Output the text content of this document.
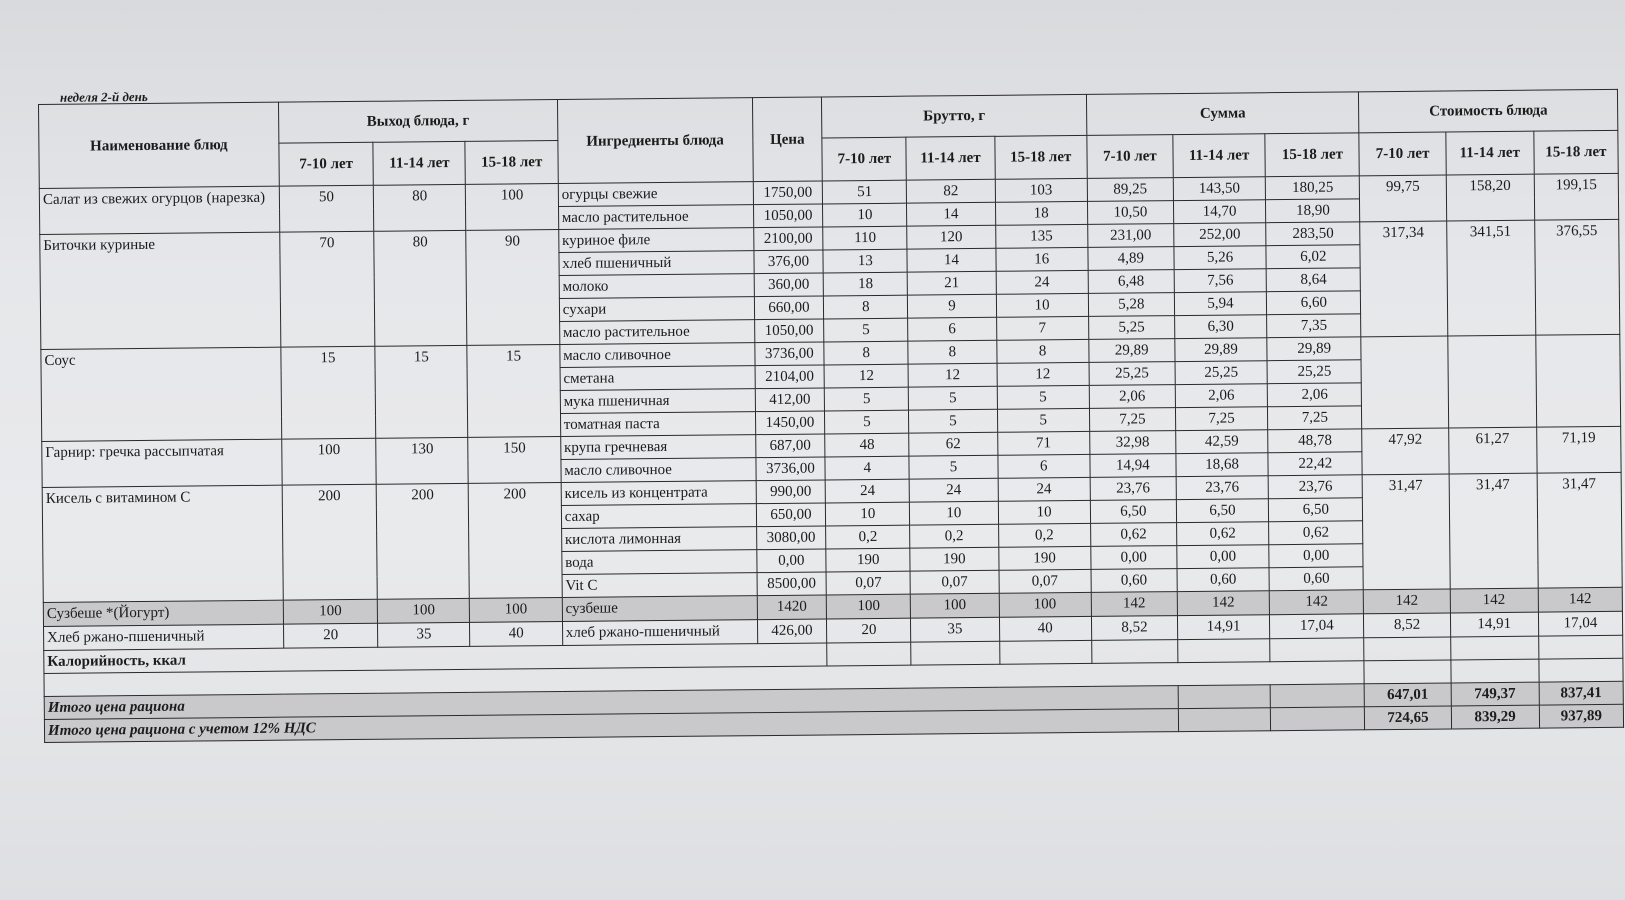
неделя 2-й день
Наименование блюд	Выход блюда, г			Ингредиенты блюда	Цена	Брутто, г			Сумма			Стоимость блюда		
	7-10 лет	11-14 лет	15-18 лет			7-10 лет	11-14 лет	15-18 лет	7-10 лет	11-14 лет	15-18 лет	7-10 лет	11-14 лет	15-18 лет
Салат из свежих огурцов (нарезка)	50	80	100	огурцы свежие	1750,00	51	82	103	89,25	143,50	180,25	99,75	158,20	199,15
				масло растительное	1050,00	10	14	18	10,50	14,70	18,90			
Биточки куриные	70	80	90	куриное филе	2100,00	110	120	135	231,00	252,00	283,50	317,34	341,51	376,55
				хлеб пшеничный	376,00	13	14	16	4,89	5,26	6,02			
				молоко	360,00	18	21	24	6,48	7,56	8,64			
				сухари	660,00	8	9	10	5,28	5,94	6,60			
				масло растительное	1050,00	5	6	7	5,25	6,30	7,35			
Соус	15	15	15	масло сливочное	3736,00	8	8	8	29,89	29,89	29,89			
				сметана	2104,00	12	12	12	25,25	25,25	25,25			
				мука пшеничная	412,00	5	5	5	2,06	2,06	2,06			
				томатная паста	1450,00	5	5	5	7,25	7,25	7,25			
Гарнир: гречка рассыпчатая	100	130	150	крупа гречневая	687,00	48	62	71	32,98	42,59	48,78	47,92	61,27	71,19
				масло сливочное	3736,00	4	5	6	14,94	18,68	22,42			
Кисель с витамином С	200	200	200	кисель из концентрата	990,00	24	24	24	23,76	23,76	23,76	31,47	31,47	31,47
				сахар	650,00	10	10	10	6,50	6,50	6,50			
				кислота лимонная	3080,00	0,2	0,2	0,2	0,62	0,62	0,62			
				вода	0,00	190	190	190	0,00	0,00	0,00			
				Vit C	8500,00	0,07	0,07	0,07	0,60	0,60	0,60			
Сузбеше *(Йогурт)	100	100	100	сузбеше	1420	100	100	100	142	142	142	142	142	142
Хлеб ржано-пшеничный	20	35	40	хлеб ржано-пшеничный	426,00	20	35	40	8,52	14,91	17,04	8,52	14,91	17,04
Калорийность, ккал														

Итого цена рациона												647,01	749,37	837,41
Итого цена рациона с учетом 12% НДС												724,65	839,29	937,89
